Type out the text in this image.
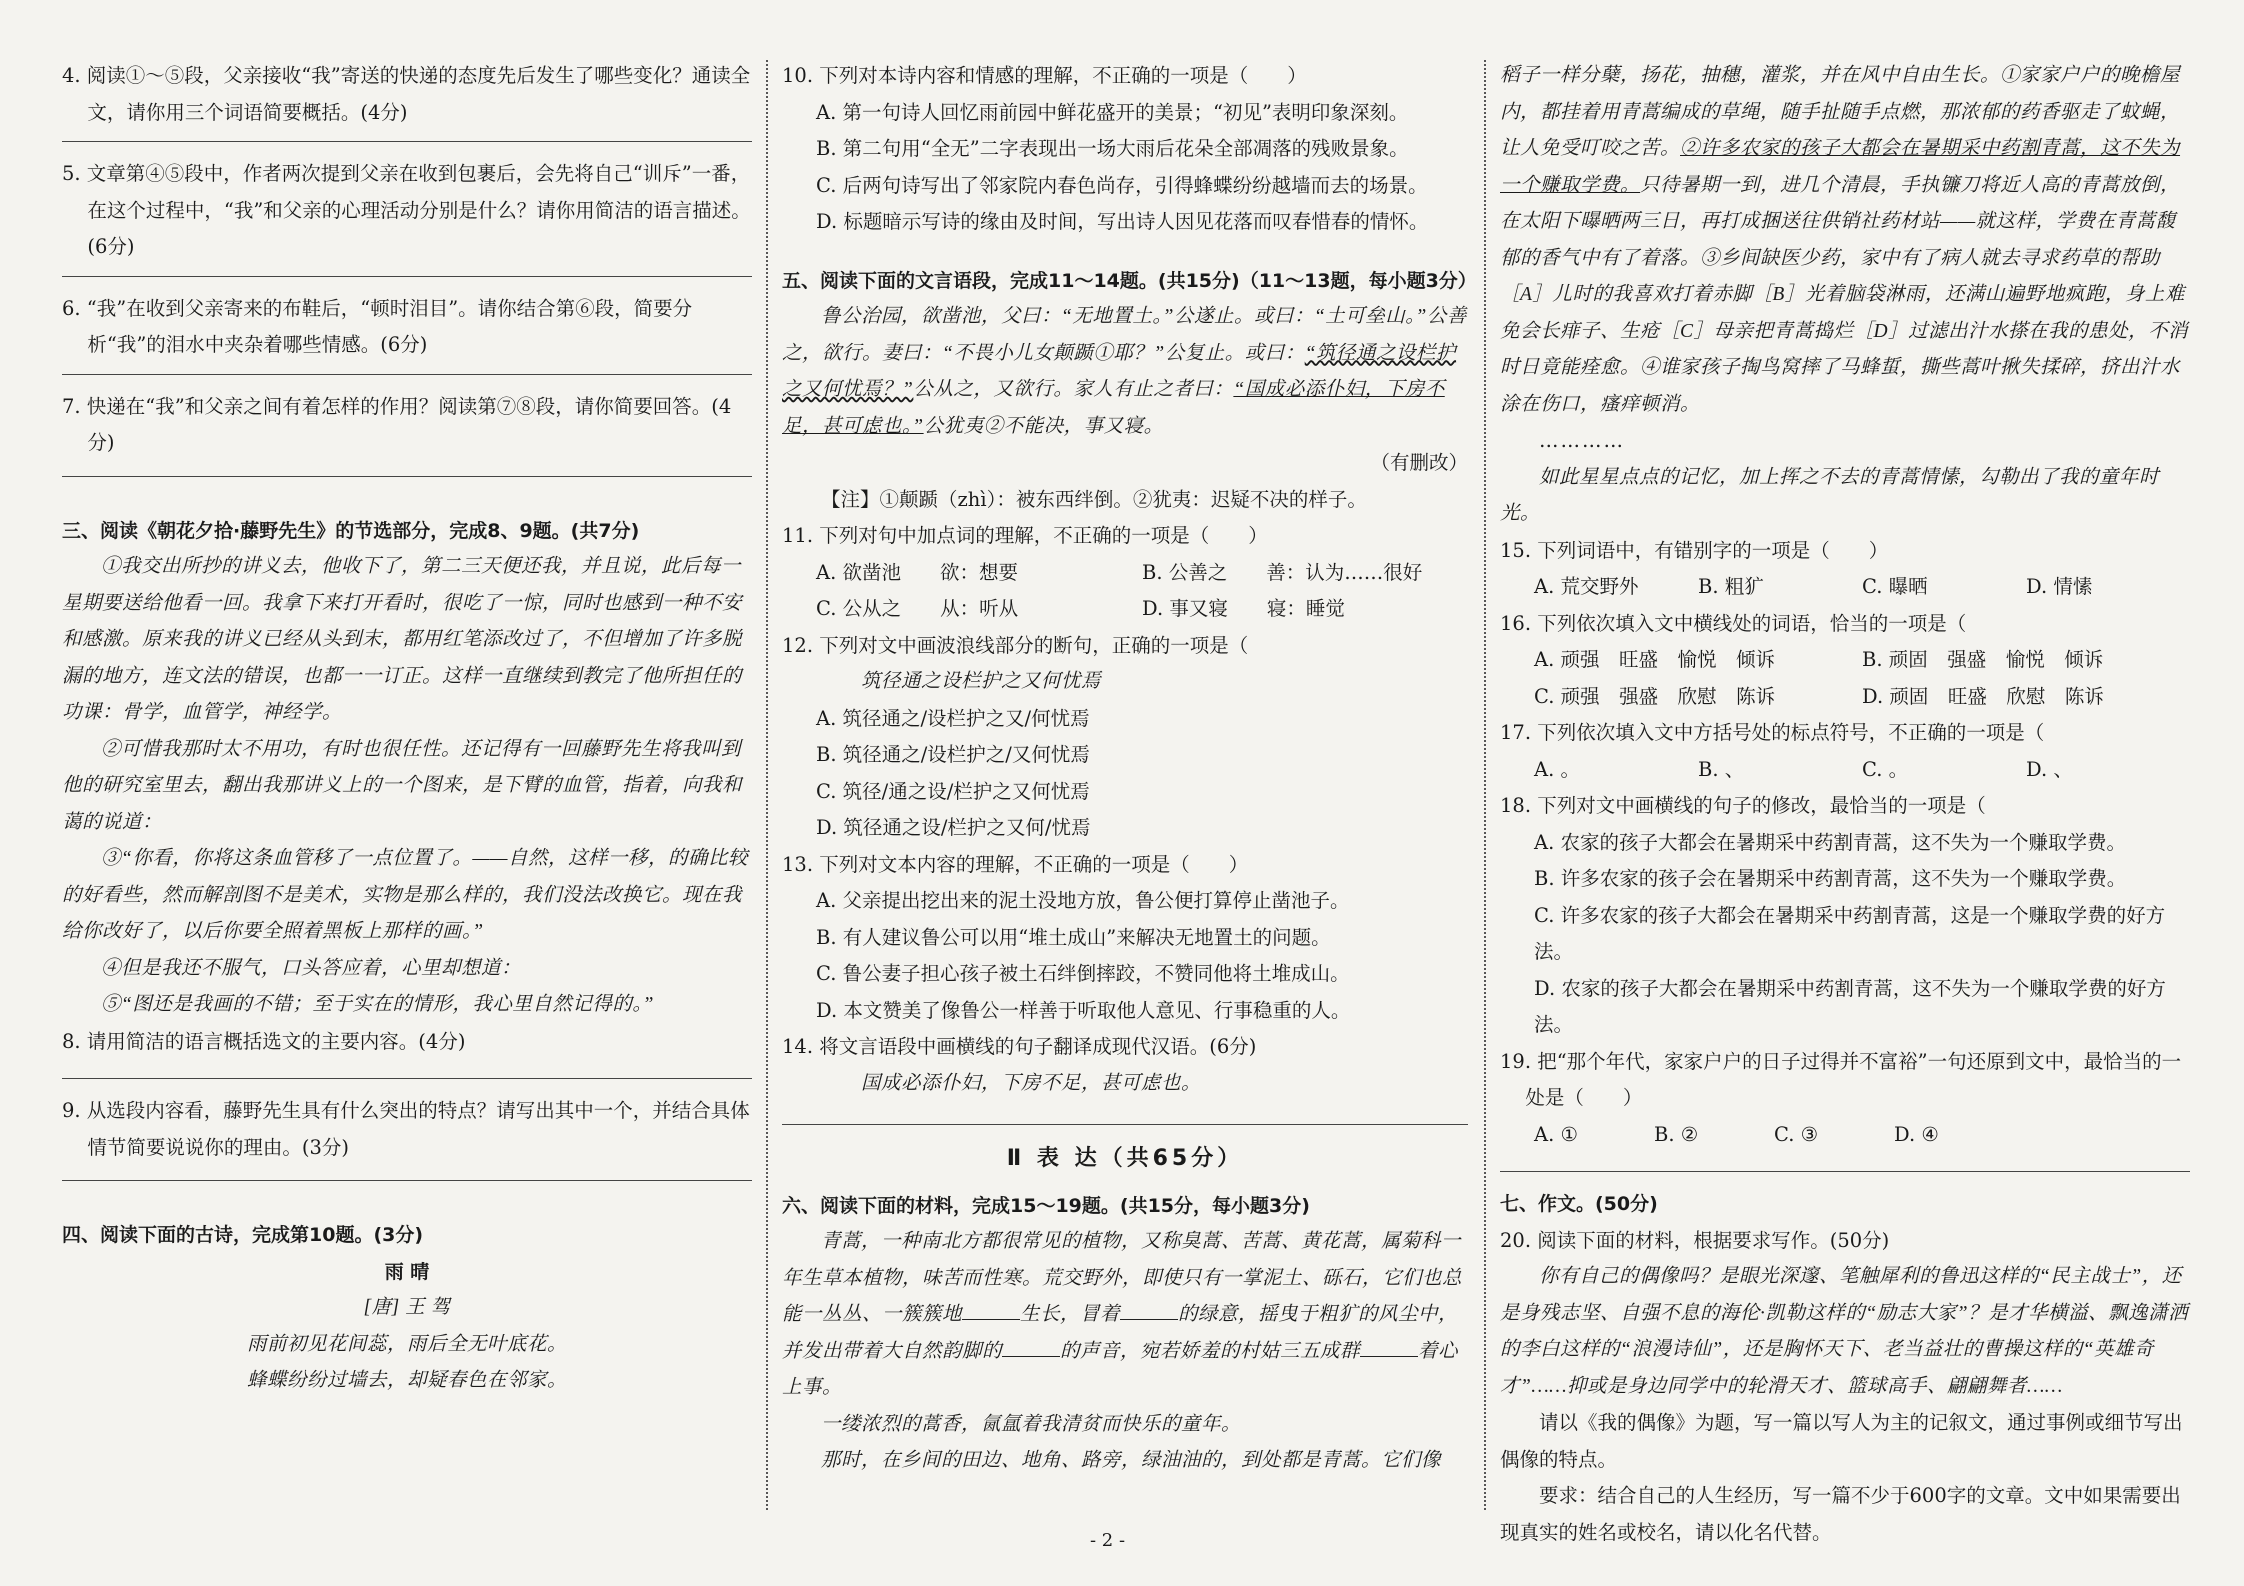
4. 阅读①～⑤段，父亲接收“我”寄送的快递的态度先后发生了哪些变化？通读全文，请你用三个词语简要概括。(4分)

5. 文章第④⑤段中，作者两次提到父亲在收到包裹后，会先将自己“训斥”一番，在这个过程中，“我”和父亲的心理活动分别是什么？请你用简洁的语言描述。(6分)

6. “我”在收到父亲寄来的布鞋后，“顿时泪目”。请你结合第⑥段，简要分析“我”的泪水中夹杂着哪些情感。(6分)

7. 快递在“我”和父亲之间有着怎样的作用？阅读第⑦⑧段，请你简要回答。(4分)

三、阅读《朝花夕拾·藤野先生》的节选部分，完成8、9题。(共7分)

①我交出所抄的讲义去，他收下了，第二三天便还我，并且说，此后每一星期要送给他看一回。我拿下来打开看时，很吃了一惊，同时也感到一种不安和感激。原来我的讲义已经从头到末，都用红笔添改过了，不但增加了许多脱漏的地方，连文法的错误，也都一一订正。这样一直继续到教完了他所担任的功课：骨学，血管学，神经学。

②可惜我那时太不用功，有时也很任性。还记得有一回藤野先生将我叫到他的研究室里去，翻出我那讲义上的一个图来，是下臂的血管，指着，向我和蔼的说道：

③“你看，你将这条血管移了一点位置了。——自然，这样一移，的确比较的好看些，然而解剖图不是美术，实物是那么样的，我们没法改换它。现在我给你改好了，以后你要全照着黑板上那样的画。”

④但是我还不服气，口头答应着，心里却想道：

⑤“图还是我画的不错；至于实在的情形，我心里自然记得的。”

8. 请用简洁的语言概括选文的主要内容。(4分)

9. 从选段内容看，藤野先生具有什么突出的特点？请写出其中一个，并结合具体情节简要说说你的理由。(3分)

四、阅读下面的古诗，完成第10题。(3分)

雨 晴

[唐] 王 驾

雨前初见花间蕊，雨后全无叶底花。

蜂蝶纷纷过墙去，却疑春色在邻家。

10. 下列对本诗内容和情感的理解，不正确的一项是（　　）

A. 第一句诗人回忆雨前园中鲜花盛开的美景；“初见”表明印象深刻。

B. 第二句用“全无”二字表现出一场大雨后花朵全部凋落的残败景象。

C. 后两句诗写出了邻家院内春色尚存，引得蜂蝶纷纷越墙而去的场景。

D. 标题暗示写诗的缘由及时间，写出诗人因见花落而叹春惜春的情怀。

五、阅读下面的文言语段，完成11～14题。(共15分)（11～13题，每小题3分）

鲁公治园，欲凿池，父曰：“无地置土。”公遂止。或曰：“土可垒山。”公善之，欲行。妻曰：“不畏小儿女颠踬①耶？”公复止。或曰：“筑径通之设栏护之又何忧焉？”公从之，又欲行。家人有止之者曰：“国成必添仆妇，下房不足，甚可虑也。”公犹夷②不能决，事又寝。

（有删改）

【注】①颠踬（zhì）：被东西绊倒。②犹夷：迟疑不决的样子。

11. 下列对句中加点词的理解，不正确的一项是（　　）

A. 欲凿池　　欲：想要	B. 公善之　　善：认为……很好
C. 公从之　　从：听从	D. 事又寝　　寝：睡觉

12. 下列对文中画波浪线部分的断句，正确的一项是（

筑径通之设栏护之又何忧焉

A. 筑径通之/设栏护之又/何忧焉

B. 筑径通之/设栏护之/又何忧焉

C. 筑径/通之设/栏护之又何忧焉

D. 筑径通之设/栏护之又何/忧焉

13. 下列对文本内容的理解，不正确的一项是（　　）

A. 父亲提出挖出来的泥土没地方放，鲁公便打算停止凿池子。

B. 有人建议鲁公可以用“堆土成山”来解决无地置土的问题。

C. 鲁公妻子担心孩子被土石绊倒摔跤，不赞同他将土堆成山。

D. 本文赞美了像鲁公一样善于听取他人意见、行事稳重的人。

14. 将文言语段中画横线的句子翻译成现代汉语。(6分)

国成必添仆妇，下房不足，甚可虑也。

Ⅱ 表 达（共65分）

六、阅读下面的材料，完成15～19题。(共15分，每小题3分)

青蒿，一种南北方都很常见的植物，又称臭蒿、苦蒿、黄花蒿，属菊科一年生草本植物，味苦而性寒。荒交野外，即使只有一掌泥土、砾石，它们也总能一丛丛、一簇簇地	生长，冒着	的绿意，摇曳于粗犷的风尘中，并发出带着大自然韵脚的	的声音，宛若娇羞的村姑三五成群	着心上事。

一缕浓烈的蒿香，氤氲着我清贫而快乐的童年。

那时，在乡间的田边、地角、路旁，绿油油的，到处都是青蒿。它们像

稻子一样分蘖，扬花，抽穗，灌浆，并在风中自由生长。①家家户户的晚檐屋内，都挂着用青蒿编成的草绳，随手扯随手点燃，那浓郁的药香驱走了蚊蝇，让人免受叮咬之苦。②许多农家的孩子大都会在暑期采中药割青蒿，这不失为一个赚取学费。只待暑期一到，进几个清晨，手执镰刀将近人高的青蒿放倒，在太阳下曝晒两三日，再打成捆送往供销社药材站——就这样，学费在青蒿馥郁的香气中有了着落。③乡间缺医少药，家中有了病人就去寻求药草的帮助［A］儿时的我喜欢打着赤脚［B］光着脑袋淋雨，还满山遍野地疯跑，身上难免会长痱子、生疮［C］母亲把青蒿捣烂［D］过滤出汁水搽在我的患处，不消时日竟能痊愈。④谁家孩子掏鸟窝摔了马蜂蜇，撕些蒿叶揪失揉碎，挤出汁水涂在伤口，瘙痒顿消。

…………

如此星星点点的记忆，加上挥之不去的青蒿情愫，勾勒出了我的童年时光。

15. 下列词语中，有错别字的一项是（　　）

A. 荒交野外	B. 粗犷	C. 曝晒	D. 情愫

16. 下列依次填入文中横线处的词语，恰当的一项是（

A. 顽强　旺盛　愉悦　倾诉	B. 顽固　强盛　愉悦　倾诉
C. 顽强　强盛　欣慰　陈诉	D. 顽固　旺盛　欣慰　陈诉

17. 下列依次填入文中方括号处的标点符号，不正确的一项是（

A. 。	B. 、	C. 。	D. 、

18. 下列对文中画横线的句子的修改，最恰当的一项是（

A. 农家的孩子大都会在暑期采中药割青蒿，这不失为一个赚取学费。

B. 许多农家的孩子会在暑期采中药割青蒿，这不失为一个赚取学费。

C. 许多农家的孩子大都会在暑期采中药割青蒿，这是一个赚取学费的好方法。

D. 农家的孩子大都会在暑期采中药割青蒿，这不失为一个赚取学费的好方法。

19. 把“那个年代，家家户户的日子过得并不富裕”一句还原到文中，最恰当的一处是（　　）

A. ①	B. ②	C. ③	D. ④

七、作文。(50分)

20. 阅读下面的材料，根据要求写作。(50分)

你有自己的偶像吗？是眼光深邃、笔触犀利的鲁迅这样的“民主战士”，还是身残志坚、自强不息的海伦·凯勒这样的“励志大家”？是才华横溢、飘逸潇洒的李白这样的“浪漫诗仙”，还是胸怀天下、老当益壮的曹操这样的“英雄奇才”……抑或是身边同学中的轮滑天才、篮球高手、翩翩舞者……

请以《我的偶像》为题，写一篇以写人为主的记叙文，通过事例或细节写出偶像的特点。

要求：结合自己的人生经历，写一篇不少于600字的文章。文中如果需要出现真实的姓名或校名，请以化名代替。

- 2 -
